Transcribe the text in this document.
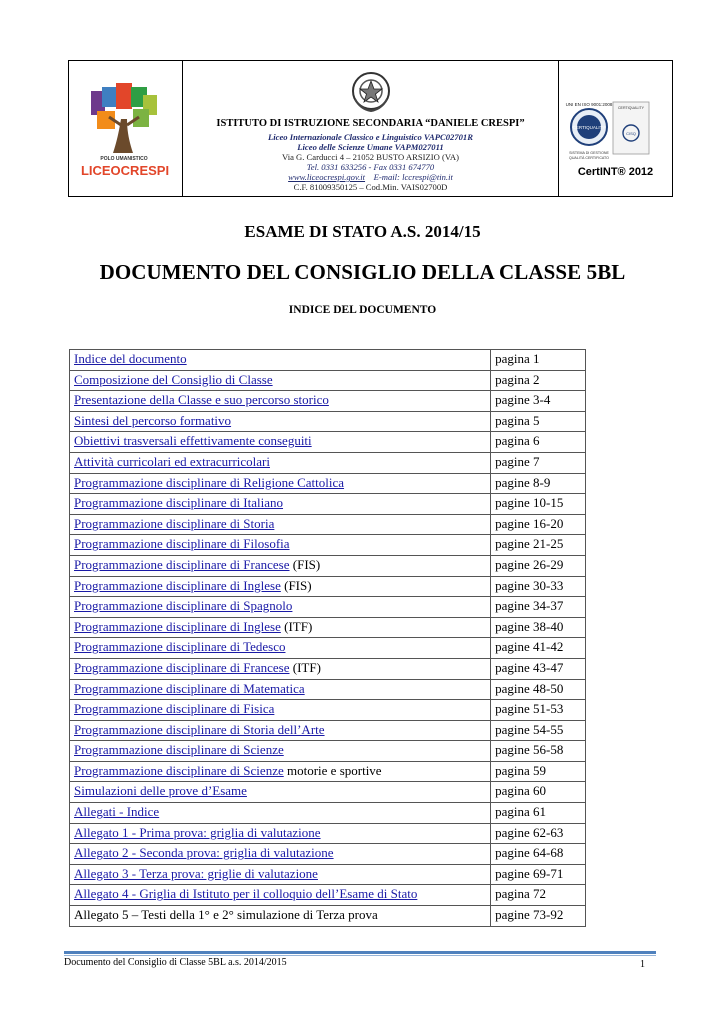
POLO UMANISTICO
LICEOCRESPI
ISTITUTO DI ISTRUZIONE SECONDARIA “DANIELE CRESPI”
Liceo Internazionale Classico e Linguistico VAPC02701R
Liceo delle Scienze Umane VAPM027011
Via G. Carducci 4 – 21052 BUSTO ARSIZIO (VA)
Tel. 0331 633256 - Fax 0331 674770
www.liceocrespi.gov.it E-mail: lccrespi@tin.it
C.F. 81009350125 – Cod.Min. VAIS02700D
UNI EN ISO 9001:2008
CERTIQUALITY
SISTEMA DI GESTIONE
QUALITÀ CERTIFICATO
CERTIQUALITY
CISQ
CertINT® 2012
ESAME DI STATO A.S. 2014/15
DOCUMENTO DEL CONSIGLIO DELLA CLASSE 5BL
INDICE DEL DOCUMENTO
Indice del documento	pagina 1
Composizione del Consiglio di Classe	pagina 2
Presentazione della Classe e suo percorso storico	pagine 3-4
Sintesi del percorso formativo	pagina 5
Obiettivi trasversali effettivamente conseguiti	pagina 6
Attività curricolari ed extracurricolari	pagine 7
Programmazione disciplinare di Religione Cattolica	pagine 8-9
Programmazione disciplinare di Italiano	pagine 10-15
Programmazione disciplinare di Storia	pagine 16-20
Programmazione disciplinare di Filosofia	pagine 21-25
Programmazione disciplinare di Francese (FIS)	pagine 26-29
Programmazione disciplinare di Inglese (FIS)	pagine 30-33
Programmazione disciplinare di Spagnolo	pagine 34-37
Programmazione disciplinare di Inglese (ITF)	pagine 38-40
Programmazione disciplinare di Tedesco	pagine 41-42
Programmazione disciplinare di Francese (ITF)	pagine 43-47
Programmazione disciplinare di Matematica	pagine 48-50
Programmazione disciplinare di Fisica	pagine 51-53
Programmazione disciplinare di Storia dell’Arte	pagine 54-55
Programmazione disciplinare di Scienze	pagine 56-58
Programmazione disciplinare di Scienze motorie e sportive	pagina 59
Simulazioni delle prove d’Esame	pagina 60
Allegati - Indice	pagina 61
Allegato 1 - Prima prova: griglia di valutazione	pagine 62-63
Allegato 2 - Seconda prova: griglia di valutazione	pagine 64-68
Allegato 3 - Terza prova: griglie di valutazione	pagine 69-71
Allegato 4 - Griglia di Istituto per il colloquio dell’Esame di Stato	pagina 72
Allegato 5 – Testi della 1° e 2° simulazione di Terza prova	pagine 73-92
Documento del Consiglio di Classe 5BL a.s. 2014/2015	1
